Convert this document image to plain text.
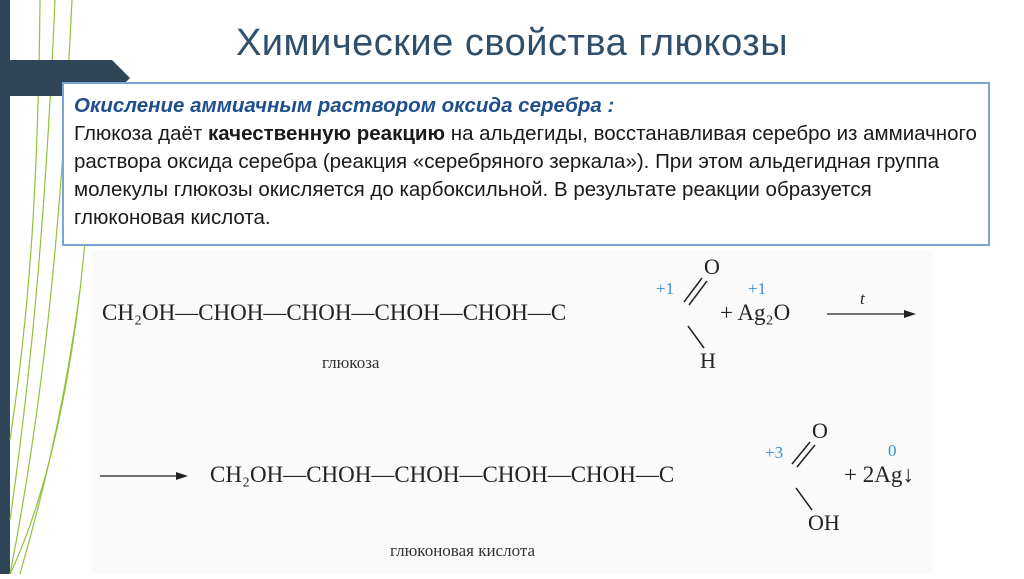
Химические свойства глюкозы
Окисление аммиачным раствором оксида серебра :
Глюкоза даёт качественную реакцию на альдегиды, восстанавливая серебро из аммиачного раствора оксида серебра (реакция «серебряного зеркала»). При этом альдегидная группа молекулы глюкозы окисляется до карбоксильной. В результате реакции образуется глюконовая кислота.
CH₂OH—CHOH—CHOH—CHOH—CHOH—C
+1
O
H
+1
+ Ag₂O
t
глюкоза
CH₂OH—CHOH—CHOH—CHOH—CHOH—C
+3
O
OH
0
+ 2Ag↓
глюконовая кислота
